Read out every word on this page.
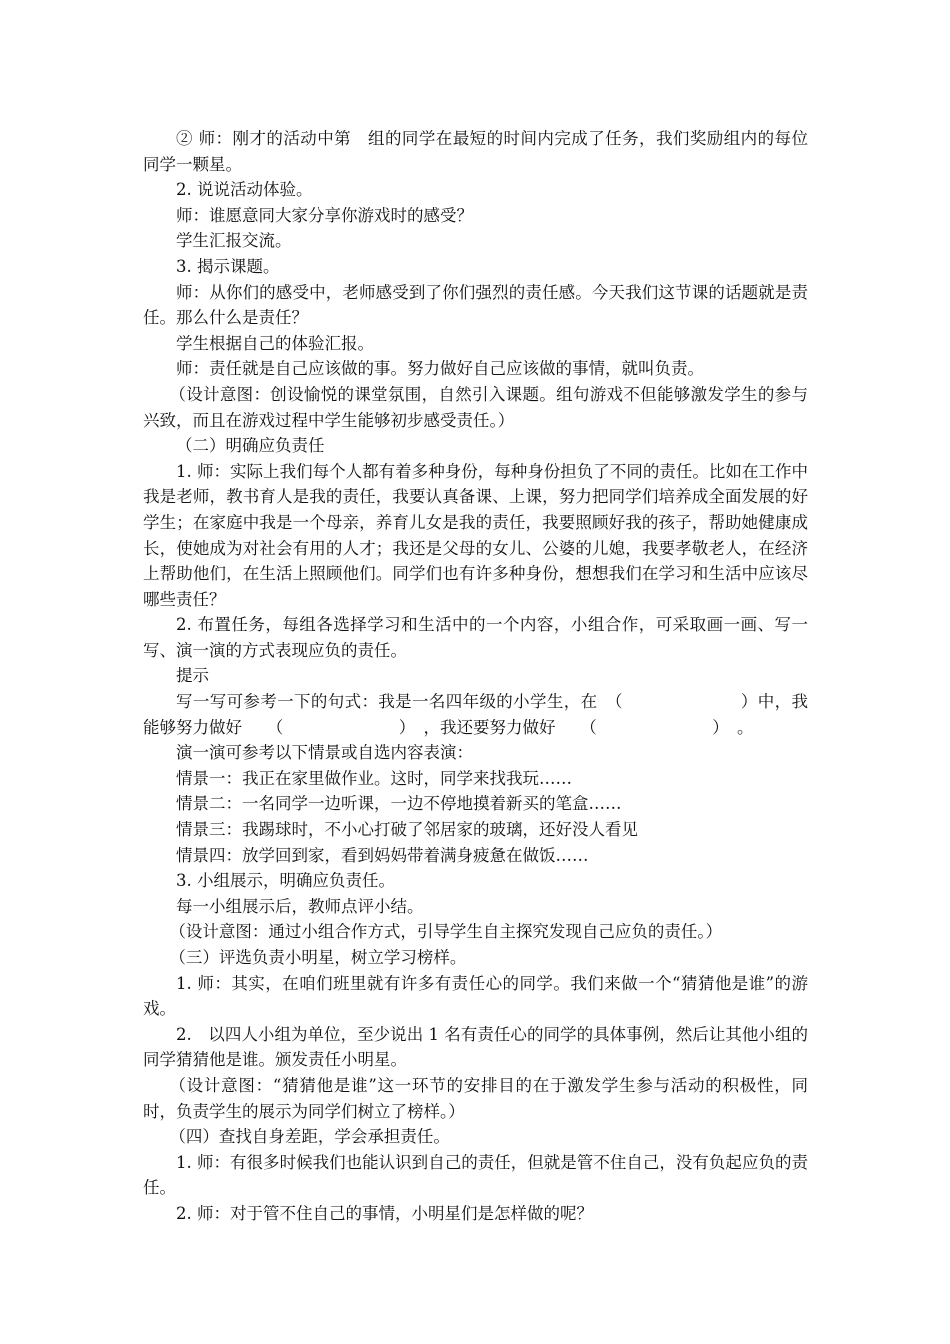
② 师：刚才的活动中第　组的同学在最短的时间内完成了任务，我们奖励组内的每位同学一颗星。

2. 说说活动体验。

师：谁愿意同大家分享你游戏时的感受？

学生汇报交流。

3. 揭示课题。

师：从你们的感受中，老师感受到了你们强烈的责任感。今天我们这节课的话题就是责任。那么什么是责任？

学生根据自己的体验汇报。

师：责任就是自己应该做的事。努力做好自己应该做的事情，就叫负责。

（设计意图：创设愉悦的课堂氛围，自然引入课题。组句游戏不但能够激发学生的参与兴致，而且在游戏过程中学生能够初步感受责任。）

（二）明确应负责任

1. 师：实际上我们每个人都有着多种身份，每种身份担负了不同的责任。比如在工作中我是老师，教书育人是我的责任，我要认真备课、上课，努力把同学们培养成全面发展的好学生；在家庭中我是一个母亲，养育儿女是我的责任，我要照顾好我的孩子，帮助她健康成长，使她成为对社会有用的人才；我还是父母的女儿、公婆的儿媳，我要孝敬老人，在经济上帮助他们，在生活上照顾他们。同学们也有许多种身份，想想我们在学习和生活中应该尽哪些责任？

2. 布置任务，每组各选择学习和生活中的一个内容，小组合作，可采取画一画、写一写、演一演的方式表现应负的责任。

提示

写一写可参考一下的句式：我是一名四年级的小学生，在　（　　　　　　　）中，我能够努力做好　　（　　　　　　　）　，我还要努力做好　　（　　　　　　　）　。

演一演可参考以下情景或自选内容表演：

情景一：我正在家里做作业。这时，同学来找我玩……

情景二：一名同学一边听课，一边不停地摸着新买的笔盒……

情景三：我踢球时，不小心打破了邻居家的玻璃，还好没人看见

情景四：放学回到家，看到妈妈带着满身疲惫在做饭……

3. 小组展示，明确应负责任。

每一小组展示后，教师点评小结。

（设计意图：通过小组合作方式，引导学生自主探究发现自己应负的责任。）

（三）评选负责小明星，树立学习榜样。

1. 师：其实，在咱们班里就有许多有责任心的同学。我们来做一个“猜猜他是谁”的游戏。

2.　以四人小组为单位，至少说出 1 名有责任心的同学的具体事例，然后让其他小组的同学猜猜他是谁。颁发责任小明星。

（设计意图：“猜猜他是谁”这一环节的安排目的在于激发学生参与活动的积极性，同时，负责学生的展示为同学们树立了榜样。）

（四）查找自身差距，学会承担责任。

1. 师：有很多时候我们也能认识到自己的责任，但就是管不住自己，没有负起应负的责任。

2. 师：对于管不住自己的事情，小明星们是怎样做的呢？
